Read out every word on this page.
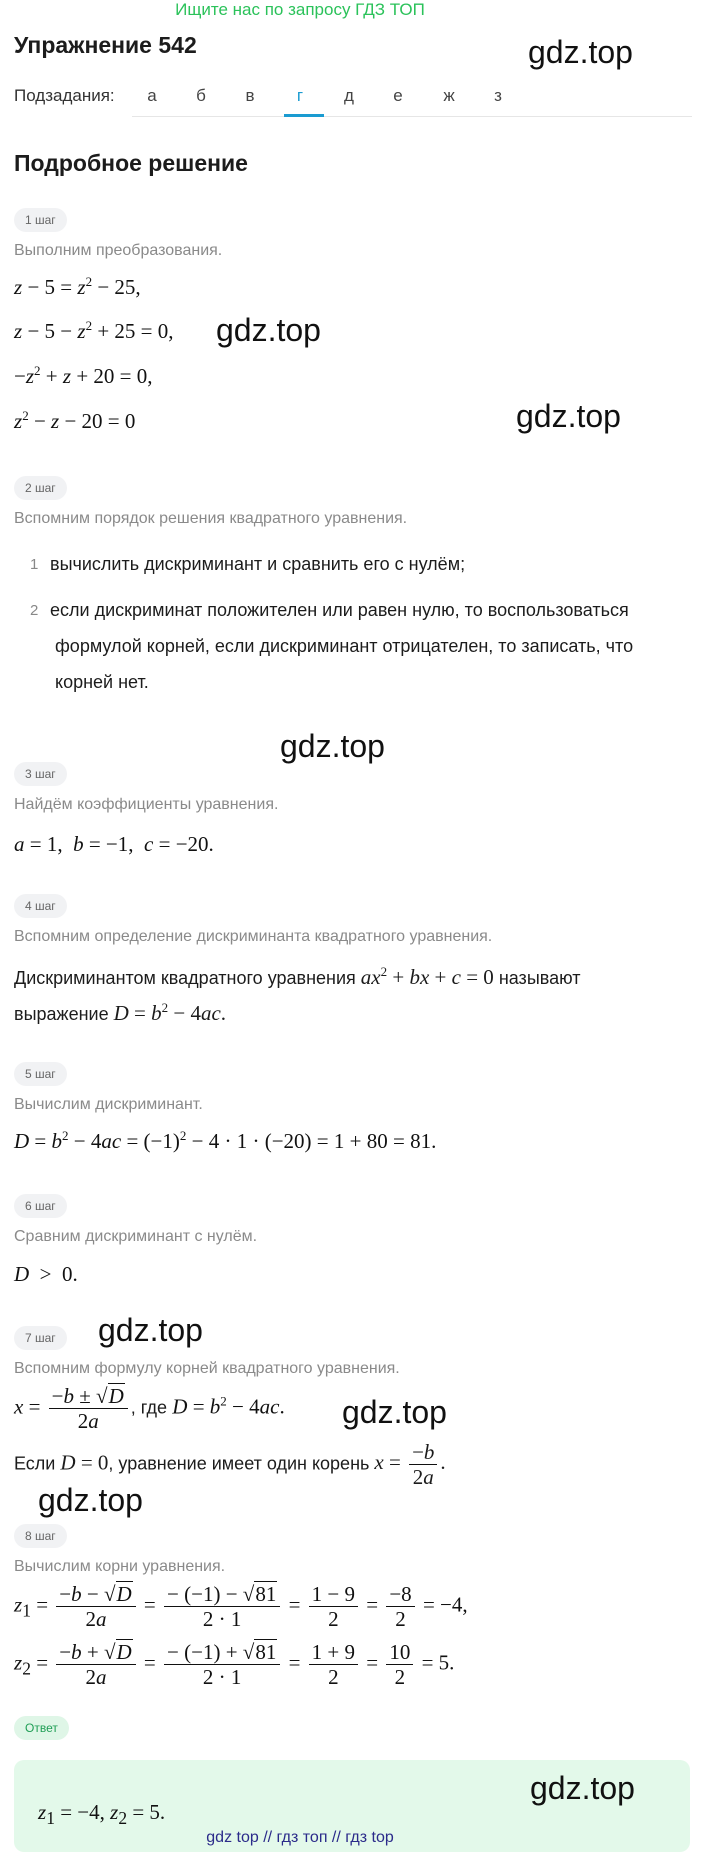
Ищите нас по запросу ГДЗ ТОП
Упражнение 542	gdz.top
Подзадания:	а	б	в	г	д	е	ж	з
Подробное решение
1 шаг
Выполним преобразования.
$z - 5 = z^2 - 25$,
$z - 5 - z^2 + 25 = 0$, gdz.top
$-z^2 + z + 20 = 0$,
$z^2 - z - 20 = 0$	gdz.top
2 шаг
Вспомним порядок решения квадратного уравнения.
1 вычислить дискриминант и сравнить его с нулём;
2 если дискриминат положителен или равен нулю, то воспользоваться
формулой корней, если дискриминант отрицателен, то записать, что
корней нет.
gdz.top
3 шаг
Найдём коэффициенты уравнения.
a = 1,  b = −1,  c = −20.
4 шаг
Вспомним определение дискриминанта квадратного уравнения.
Дискриминантом квадратного уравнения $ax^2$ + bx + c = 0 называют
выражение $D = b^2 - 4ac$.
5 шаг
Вычислим дискриминант.
$D = b^2 - 4ac = (-1)^2 - 4 \cdot 1 \cdot (-20) = 1 + 80 = 81$.
6 шаг
Сравним дискриминант с нулём.
D  >  0.
7 шаг	gdz.top
Вспомним формулу корней квадратного уравнения.
$x = \frac{-b \pm √D}{2a}$ , где $D = b^2 - 4ac$. gdz.top
Если D = 0, уравнение имеет один корень $x = \frac{-b}{2a}$ .
gdz.top
8 шаг
Вычислим корни уравнения.
$z_1 = \frac{-b - √D}{2a} = \frac{- (-1) - √81}{2 \cdot 1} = \frac{1 - 9}{2} = \frac{-8}{2} = -4$,
$z_2 = \frac{-b + √D}{2a} = \frac{- (-1) + √81}{2 \cdot 1} = \frac{1 + 9}{2} = \frac{10}{2} = 5$.
Ответ
$z_1 = -4$, $z_2 = 5$.
gdz.top
gdz top // гдз топ // гдз top
